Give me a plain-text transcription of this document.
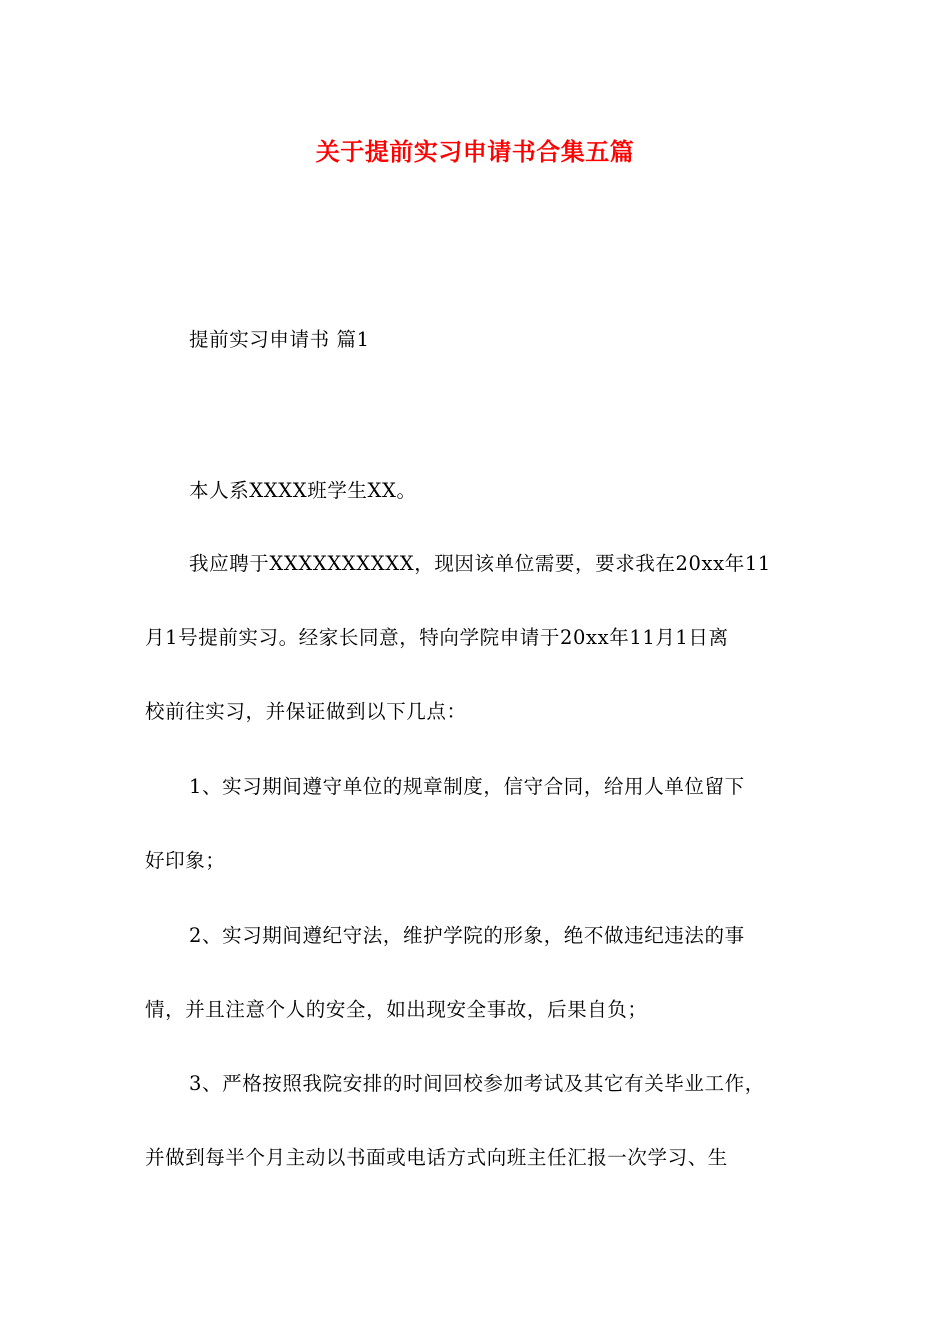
关于提前实习申请书合集五篇
提前实习申请书 篇1
本人系XXXX班学生XX。
我应聘于XXXXXXXXXX，现因该单位需要，要求我在20xx年11
月1号提前实习。经家长同意，特向学院申请于20xx年11月1日离
校前往实习，并保证做到以下几点：
1、实习期间遵守单位的规章制度，信守合同，给用人单位留下
好印象；
2、实习期间遵纪守法，维护学院的形象，绝不做违纪违法的事
情，并且注意个人的安全，如出现安全事故，后果自负；
3、严格按照我院安排的时间回校参加考试及其它有关毕业工作，
并做到每半个月主动以书面或电话方式向班主任汇报一次学习、生
